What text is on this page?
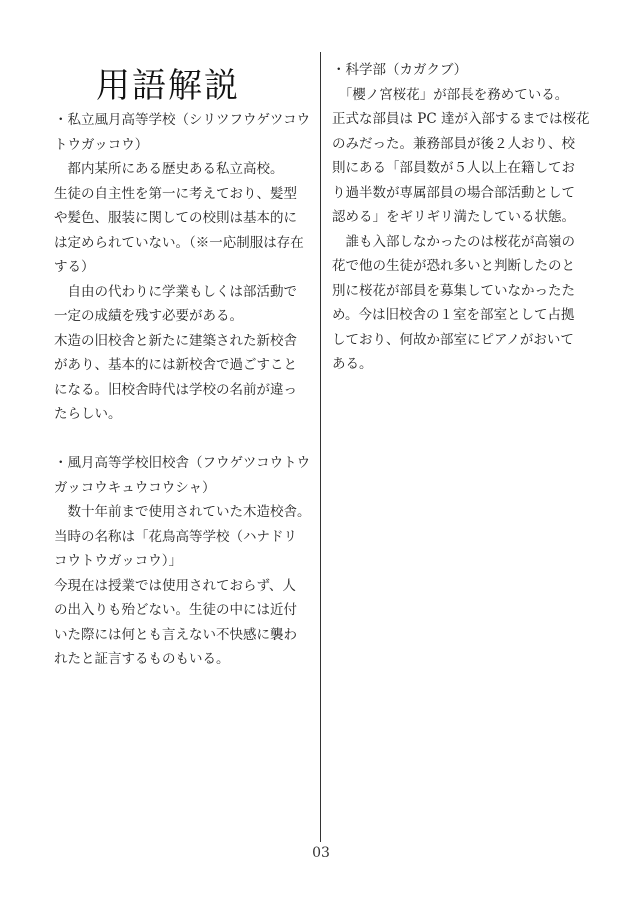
用語解説
・私立風月高等学校（シリツフウゲツコウ
トウガッコウ）
　都内某所にある歴史ある私立高校。
生徒の自主性を第一に考えており、髪型
や髪色、服装に関しての校則は基本的に
は定められていない。（※一応制服は存在
する）
　自由の代わりに学業もしくは部活動で
一定の成績を残す必要がある。
木造の旧校舎と新たに建築された新校舎
があり、基本的には新校舎で過ごすこと
になる。旧校舎時代は学校の名前が違っ
たらしい。
・風月高等学校旧校舎（フウゲツコウトウ
ガッコウキュウコウシャ）
　数十年前まで使用されていた木造校舎。
当時の名称は「花鳥高等学校（ハナドリ
コウトウガッコウ）」
今現在は授業では使用されておらず、人
の出入りも殆どない。生徒の中には近付
いた際には何とも言えない不快感に襲わ
れたと証言するものもいる。
・科学部（カガクブ）
　「櫻ノ宮桜花」が部長を務めている。
正式な部員は PC 達が入部するまでは桜花
のみだった。兼務部員が後２人おり、校
則にある「部員数が５人以上在籍してお
り過半数が専属部員の場合部活動として
認める」をギリギリ満たしている状態。
　誰も入部しなかったのは桜花が高嶺の
花で他の生徒が恐れ多いと判断したのと
別に桜花が部員を募集していなかったた
め。今は旧校舎の１室を部室として占拠
しており、何故か部室にピアノがおいて
ある。
03
